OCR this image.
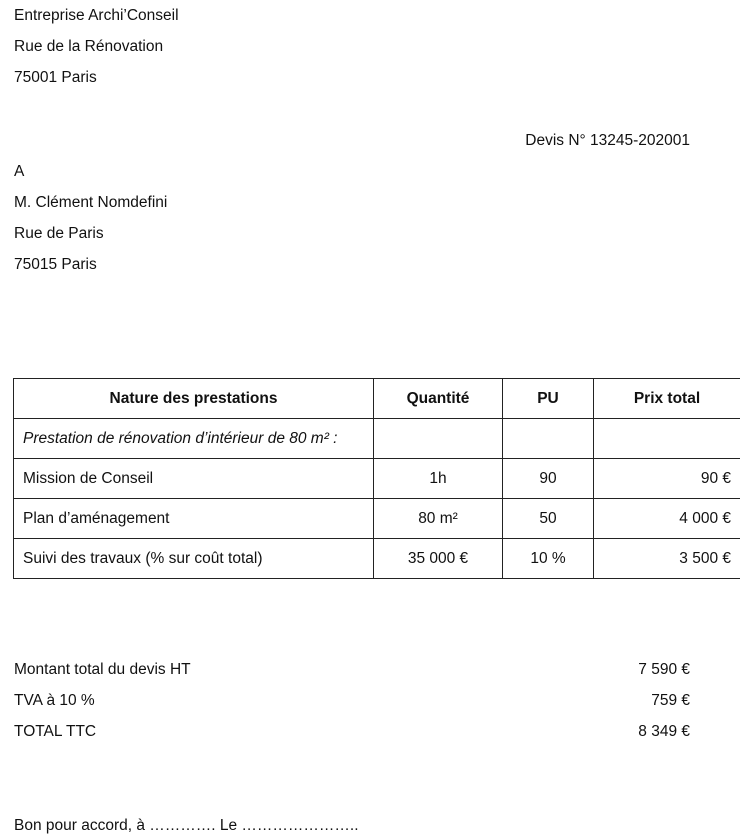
Entreprise Archi’Conseil
Rue de la Rénovation
75001 Paris
Devis N° 13245-202001
A
M. Clément Nomdefini
Rue de Paris
75015 Paris
Nature des prestations	Quantité	PU	Prix total
Prestation de rénovation d’intérieur de 80 m² :			
Mission de Conseil	1h	90	90 €
Plan d’aménagement	80 m²	50	4 000 €
Suivi des travaux (% sur coût total)	35 000 €	10 %	3 500 €
Montant total du devis HT	7 590 €
TVA à 10 %	759 €
TOTAL TTC	8 349 €
Bon pour accord, à …………. Le …………………..
